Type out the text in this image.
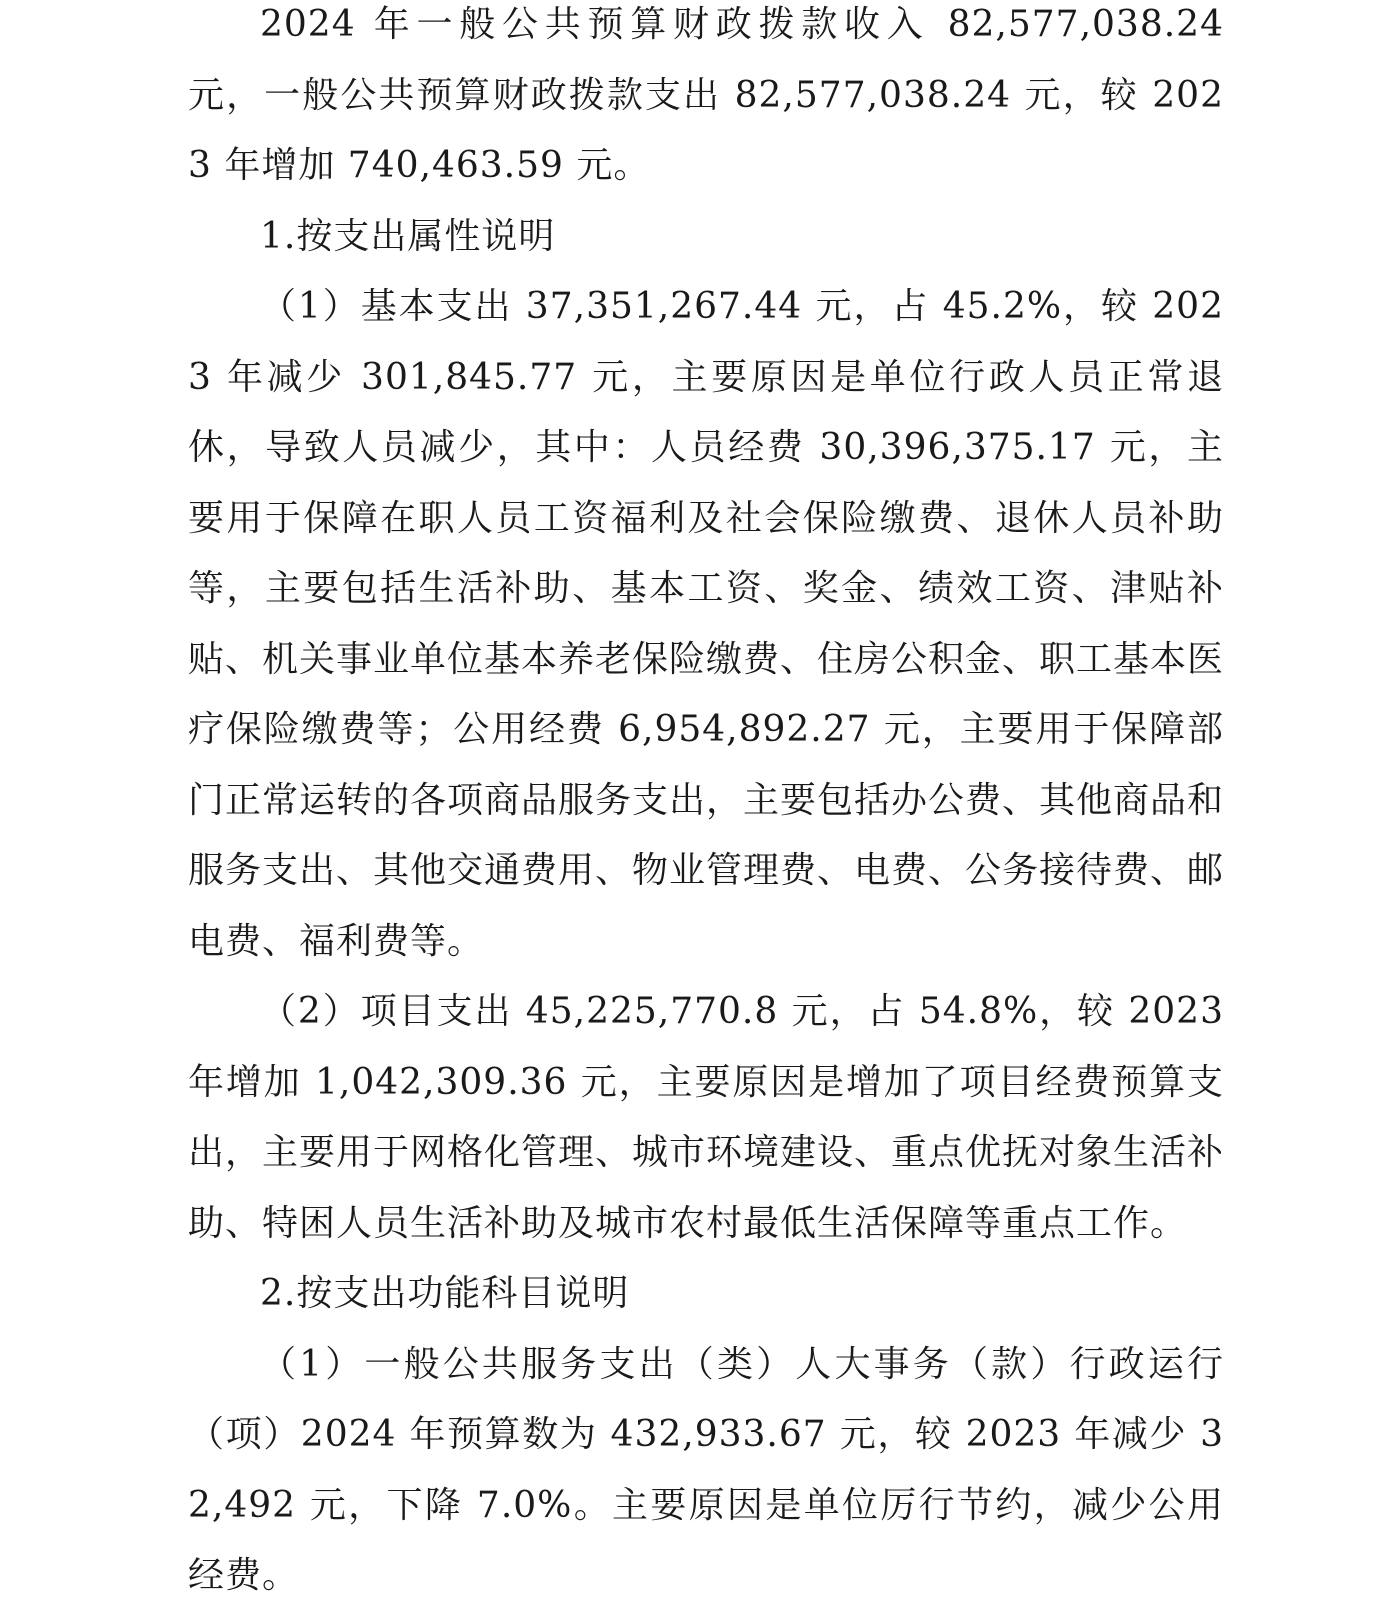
2024 年一般公共预算财政拨款收入 82,577,038.24 元，一般公共预算财政拨款支出 82,577,038.24 元，较 2023 年增加 740,463.59 元。

1.按支出属性说明

（1）基本支出 37,351,267.44 元，占 45.2%，较 2023 年减少 301,845.77 元，主要原因是单位行政人员正常退休，导致人员减少，其中：人员经费 30,396,375.17 元，主要用于保障在职人员工资福利及社会保险缴费、退休人员补助等，主要包括生活补助、基本工资、奖金、绩效工资、津贴补贴、机关事业单位基本养老保险缴费、住房公积金、职工基本医疗保险缴费等；公用经费 6,954,892.27 元，主要用于保障部门正常运转的各项商品服务支出，主要包括办公费、其他商品和服务支出、其他交通费用、物业管理费、电费、公务接待费、邮电费、福利费等。

（2）项目支出 45,225,770.8 元，占 54.8%，较 2023 年增加 1,042,309.36 元，主要原因是增加了项目经费预算支出，主要用于网格化管理、城市环境建设、重点优抚对象生活补助、特困人员生活补助及城市农村最低生活保障等重点工作。

2.按支出功能科目说明

（1）一般公共服务支出（类）人大事务（款）行政运行（项）2024 年预算数为 432,933.67 元，较 2023 年减少 32,492 元，下降 7.0%。主要原因是单位厉行节约，减少公用经费。
